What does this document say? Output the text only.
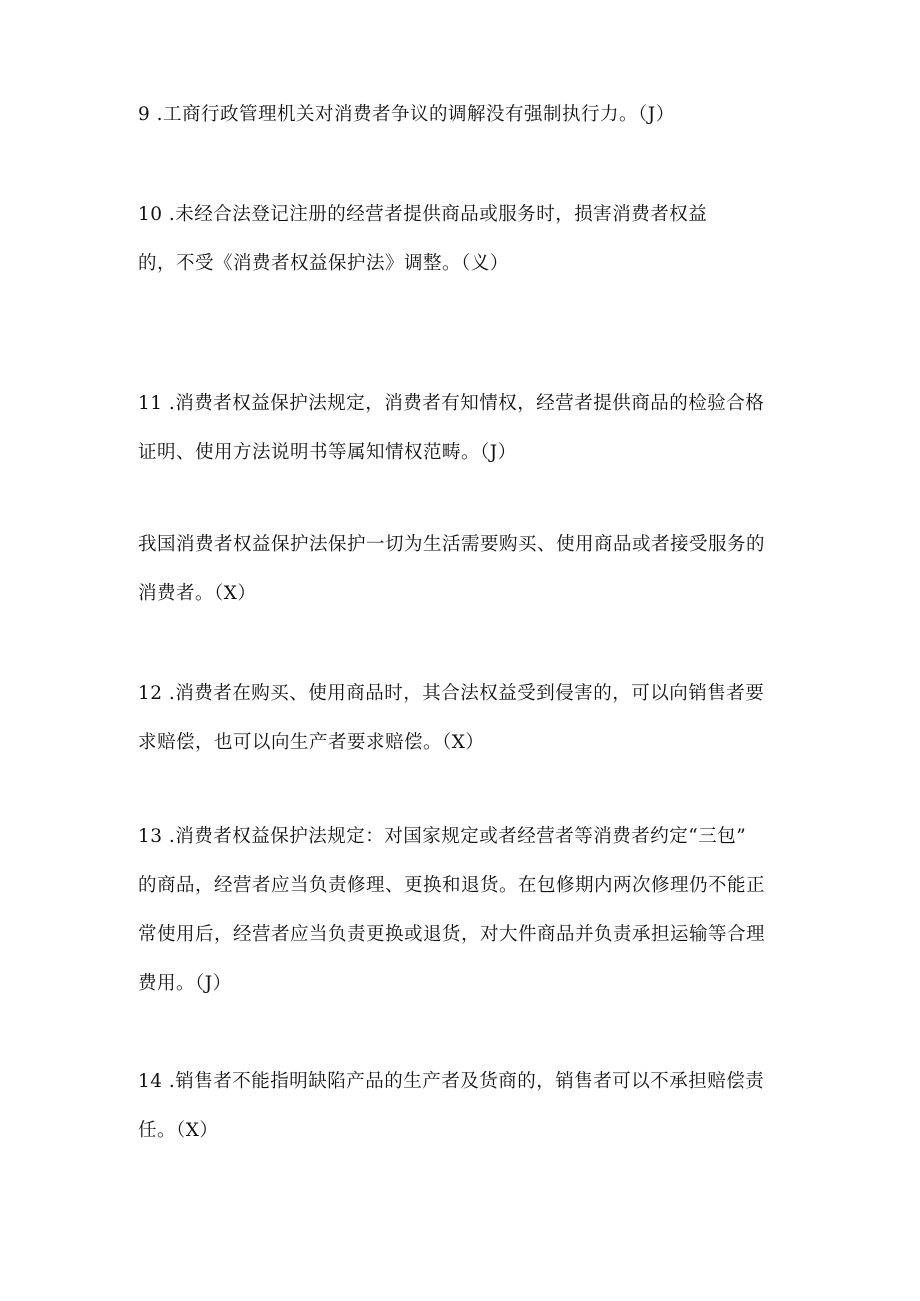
9 .工商行政管理机关对消费者争议的调解没有强制执行力。（J）
10 .未经合法登记注册的经营者提供商品或服务时，损害消费者权益
的，不受《消费者权益保护法》调整。（义）
11 .消费者权益保护法规定，消费者有知情权，经营者提供商品的检验合格
证明、使用方法说明书等属知情权范畴。（J）
我国消费者权益保护法保护一切为生活需要购买、使用商品或者接受服务的
消费者。（X）
12 .消费者在购买、使用商品时，其合法权益受到侵害的，可以向销售者要
求赔偿，也可以向生产者要求赔偿。（X）
13 .消费者权益保护法规定：对国家规定或者经营者等消费者约定“三包”
的商品，经营者应当负责修理、更换和退货。在包修期内两次修理仍不能正
常使用后，经营者应当负责更换或退货，对大件商品并负责承担运输等合理
费用。（J）
14 .销售者不能指明缺陷产品的生产者及货商的，销售者可以不承担赔偿责
任。（X）
